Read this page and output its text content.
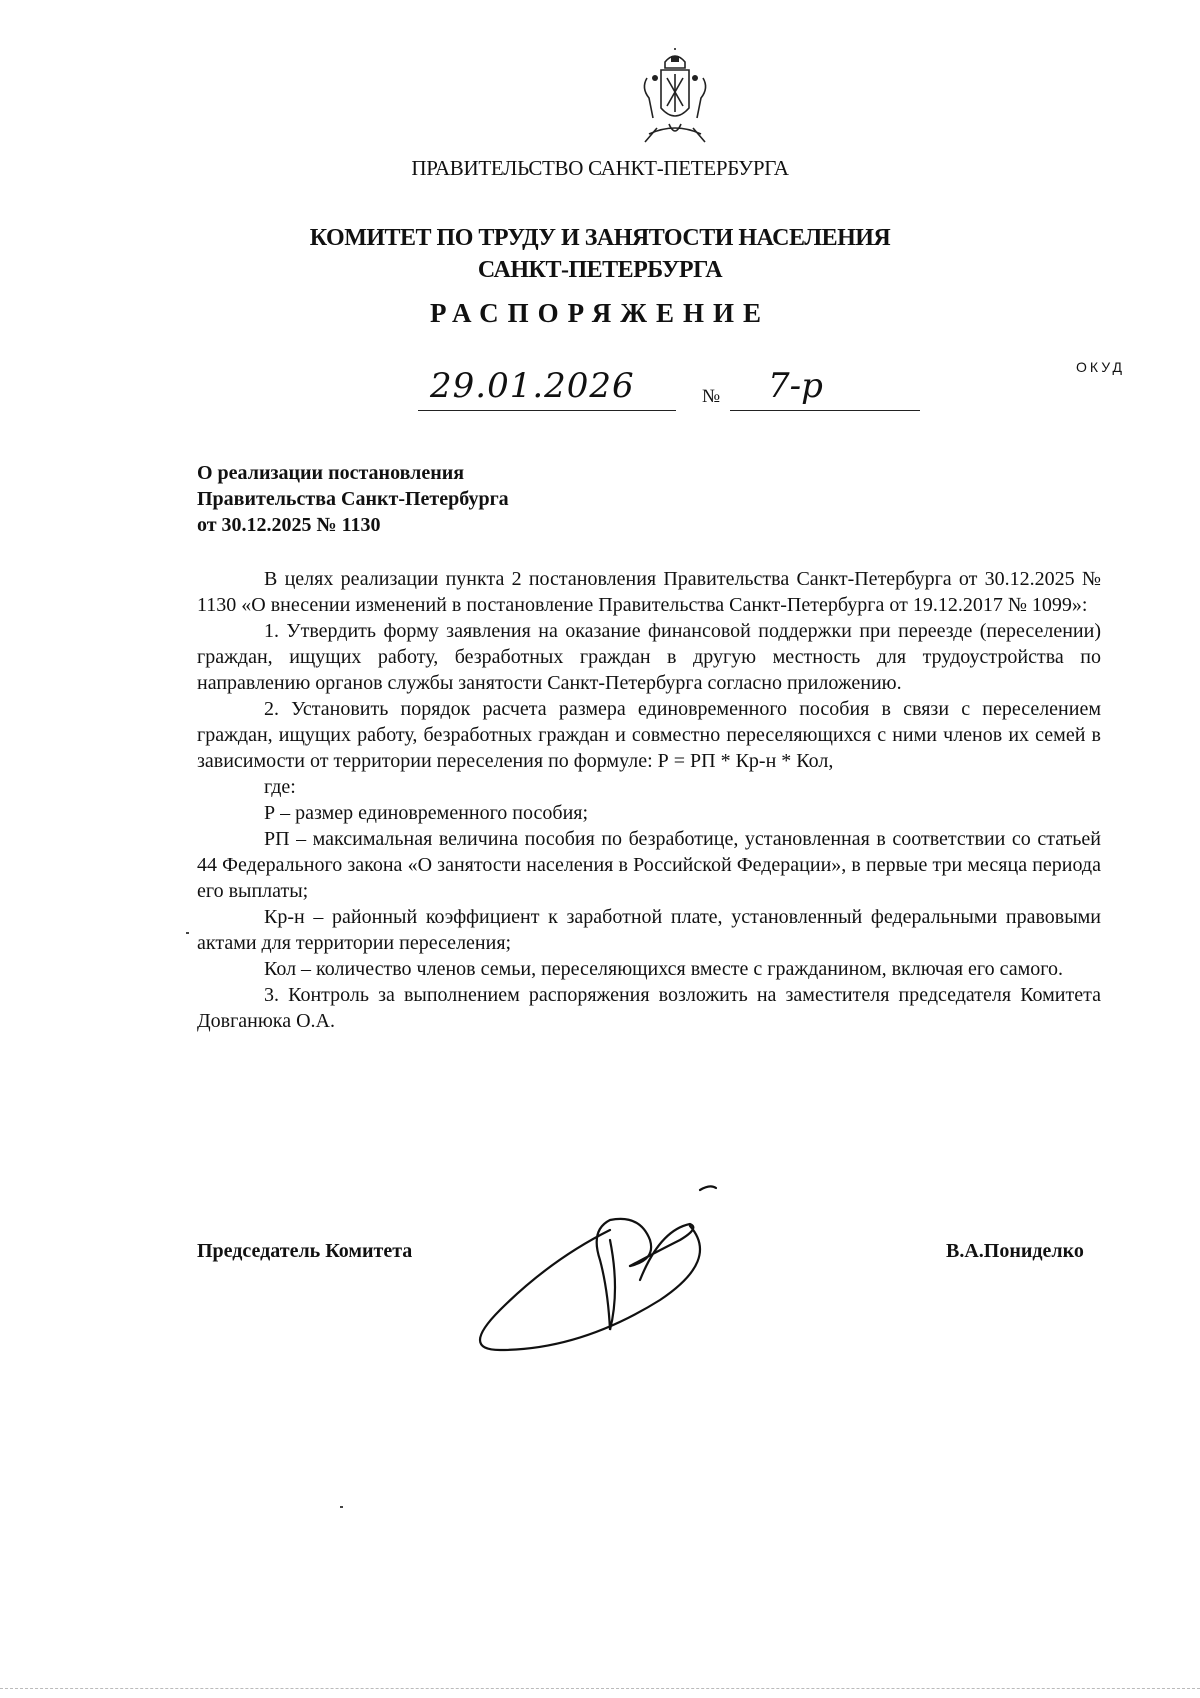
ПРАВИТЕЛЬСТВО САНКТ-ПЕТЕРБУРГА
КОМИТЕТ ПО ТРУДУ И ЗАНЯТОСТИ НАСЕЛЕНИЯ
САНКТ-ПЕТЕРБУРГА
РАСПОРЯЖЕНИЕ
ОКУД
29.01.2026	№ 7-р
О реализации постановления
Правительства Санкт-Петербурга
от 30.12.2025 № 1130

В целях реализации пункта 2 постановления Правительства Санкт-Петербурга от 30.12.2025 № 1130 «О внесении изменений в постановление Правительства Санкт-Петербурга от 19.12.2017 № 1099»:

1. Утвердить форму заявления на оказание финансовой поддержки при переезде (переселении) граждан, ищущих работу, безработных граждан в другую местность для трудоустройства по направлению органов службы занятости Санкт-Петербурга согласно приложению.

2. Установить порядок расчета размера единовременного пособия в связи с переселением граждан, ищущих работу, безработных граждан и совместно переселяющихся с ними членов их семей в зависимости от территории переселения по формуле: Р = РП * Кр-н * Кол,

где:

Р – размер единовременного пособия;

РП – максимальная величина пособия по безработице, установленная в соответствии со статьей 44 Федерального закона «О занятости населения в Российской Федерации», в первые три месяца периода его выплаты;

Кр-н – районный коэффициент к заработной плате, установленный федеральными правовыми актами для территории переселения;

Кол – количество членов семьи, переселяющихся вместе с гражданином, включая его самого.

3. Контроль за выполнением распоряжения возложить на заместителя председателя Комитета Довганюка О.А.

Председатель Комитета	В.А.Пониделко
